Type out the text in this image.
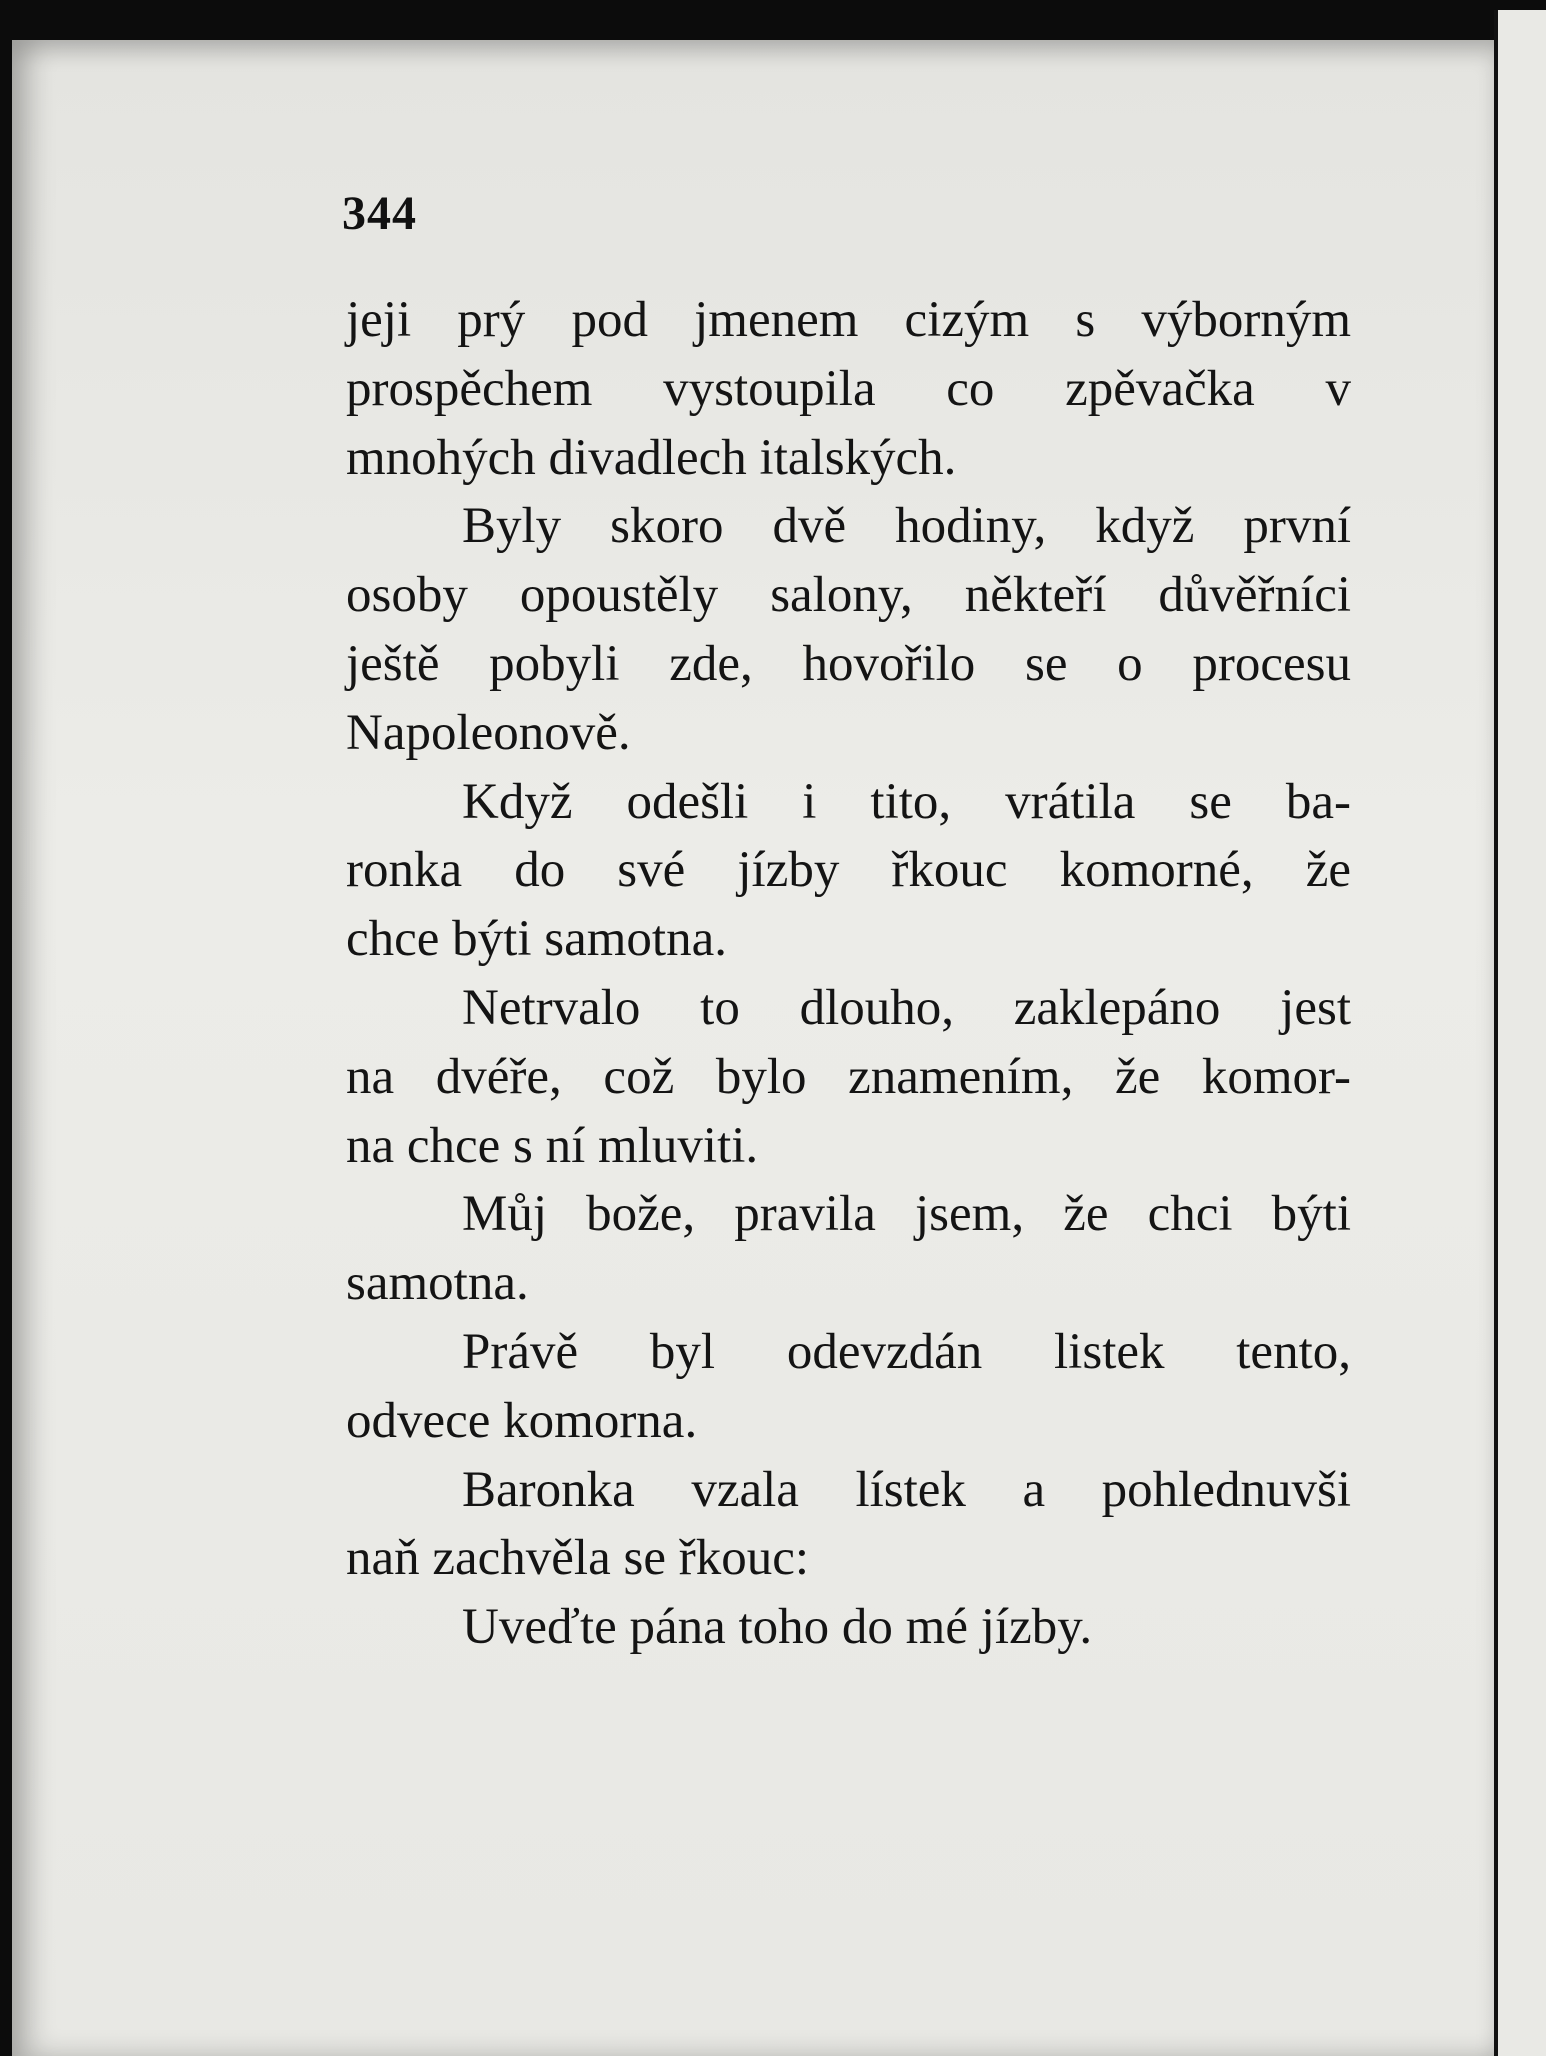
344
jeji prý pod jmenem cizým s výborným
prospěchem vystoupila co zpěvačka v
mnohých divadlech italských.
Byly skoro dvě hodiny, když první
osoby opoustěly salony, někteří důvěřníci
ještě pobyli zde, hovořilo se o procesu
Napoleonově.
Když odešli i tito, vrátila se ba-
ronka do své jízby řkouc komorné, že
chce býti samotna.
Netrvalo to dlouho, zaklepáno jest
na dvéře, což bylo znamením, že komor-
na chce s ní mluviti.
Můj bože, pravila jsem, že chci býti
samotna.
Právě byl odevzdán listek tento,
odvece komorna.
Baronka vzala lístek a pohlednuvši
naň zachvěla se řkouc:
Uveďte pána toho do mé jízby.
